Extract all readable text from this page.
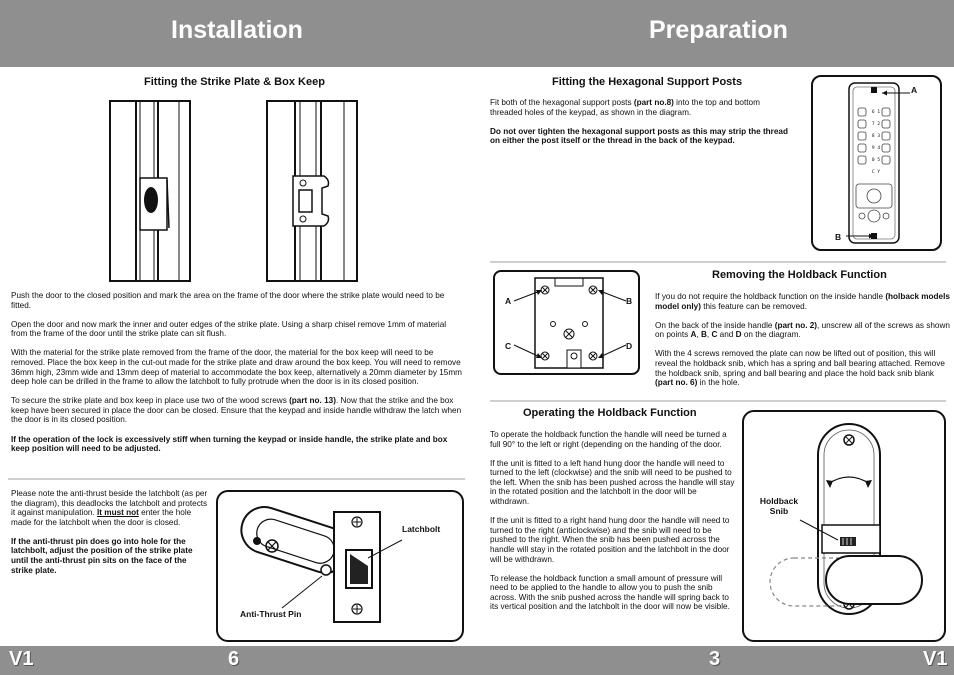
Installation	Preparation
V1	6	3	V1
Fitting the Strike Plate & Box Keep

Push the door to the closed position and mark the area on the frame of the door where the strike plate would need to be fitted.

Open the door and now mark the inner and outer edges of the strike plate. Using a sharp chisel remove 1mm of material from the frame of the door until the strike plate can sit flush.

With the material for the strike plate removed from the frame of the door, the material for the box keep will need to be removed. Place the box keep in the cut-out made for the strike plate and draw around the box keep. You will need to remove 36mm high, 23mm wide and 13mm deep of material to accommodate the box keep, alternatively a 20mm diameter by 15mm deep hole can be drilled in the frame to allow the latchbolt to fully protrude when the door is in its closed position.

To secure the strike plate and box keep in place use two of the wood screws (part no. 13). Now that the strike and the box keep have been secured in place the door can be closed. Ensure that the keypad and inside handle withdraw the latch when the door is in its closed position.

If the operation of the lock is excessively stiff when turning the keypad or inside handle, the strike plate and box keep position will need to be adjusted.

Please note the anti-thrust beside the latchbolt (as per the diagram), this deadlocks the latchbolt and protects it against manipulation. It must not enter the hole made for the latchbolt when the door is closed.

If the anti-thrust pin does go into hole for the latchbolt, adjust the position of the strike plate until the anti-thrust pin sits on the face of the strike plate.

Latchbolt
Anti-Thrust Pin
Fitting the Hexagonal Support Posts

Fit both of the hexagonal support posts (part no.8) into the top and bottom threaded holes of the keypad, as shown in the diagram.

Do not over tighten the hexagonal support posts as this may strip the thread on either the post itself or the thread in the back of the keypad.

6 1
7 2
8 3
9 4
0 5
C Y
A
B
A	B
C	D
Removing the Holdback Function

If you do not require the holdback function on the inside handle (holback models model only) this feature can be removed.

On the back of the inside handle (part no. 2), unscrew all of the screws as shown on points A, B, C and D on the diagram.

With the 4 screws removed the plate can now be lifted out of position, this will reveal the holdback snib, which has a spring and ball bearing attached. Remove the holdback snib, spring and ball bearing and place the hold back snib blank (part no. 6) in the hole.

Operating the Holdback Function

To operate the holdback function the handle will need be turned a full 90° to the left or right (depending on the handing of the door.

If the unit is fitted to a left hand hung door the handle will need to turned to the left (clockwise) and the snib will need to be pushed to the left. When the snib has been pushed across the handle will stay in the rotated position and the latchbolt in the door will be withdrawn.

If the unit is fitted to a right hand hung door the handle will need to turned to the right (anticlockwise) and the snib will need to be pushed to the right. When the snib has been pushed across the handle will stay in the rotated position and the latchbolt in the door will be withdrawn.

To release the holdback function a small amount of pressure will need to be applied to the handle to allow you to push the snib across. With the snib pushed across the handle will spring back to its vertical position and the latchbolt in the door will now be visible.

Holdback
Snib
